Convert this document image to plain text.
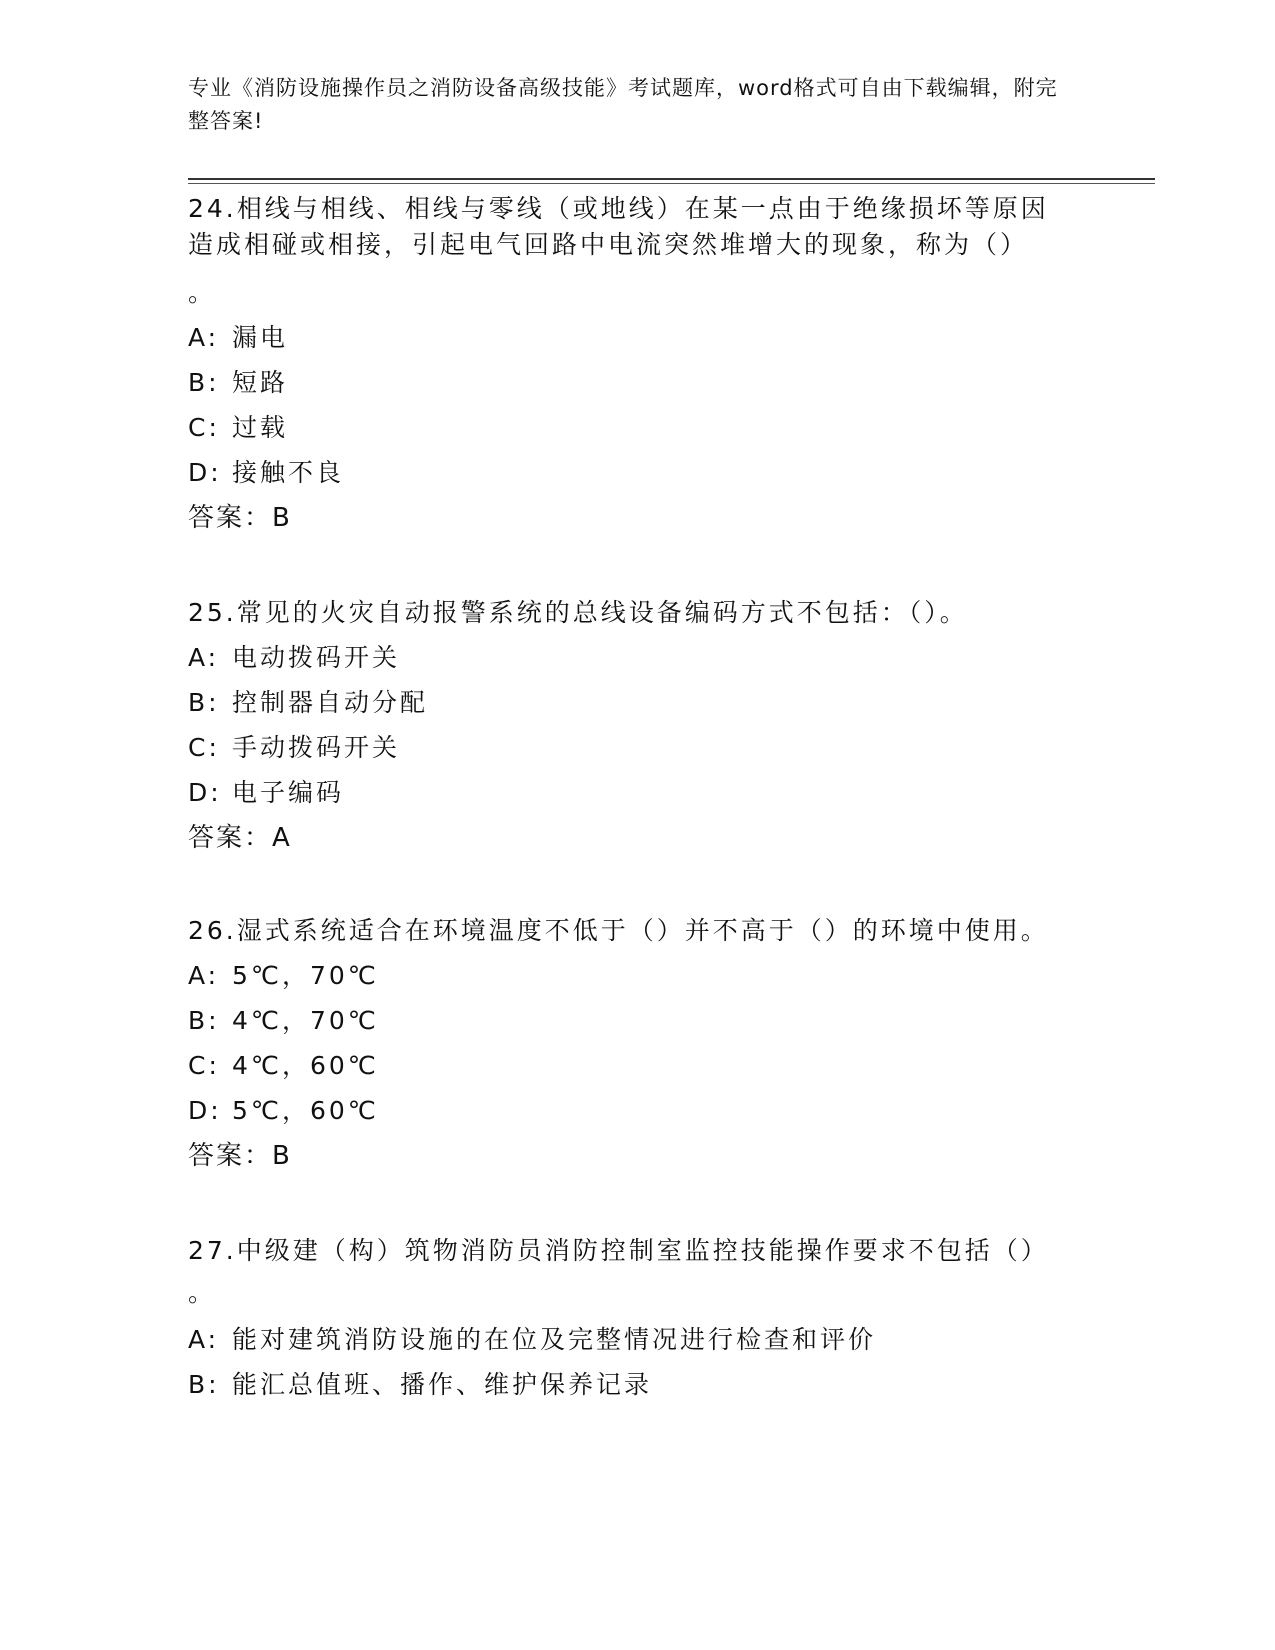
专业《消防设施操作员之消防设备高级技能》考试题库，word格式可自由下载编辑，附完整答案!
24.相线与相线、相线与零线（或地线）在某一点由于绝缘损坏等原因
造成相碰或相接，引起电气回路中电流突然堆增大的现象，称为（）
。
A: 漏电
B: 短路
C: 过载
D: 接触不良
答案：B
25.常见的火灾自动报警系统的总线设备编码方式不包括：（）。
A: 电动拨码开关
B: 控制器自动分配
C: 手动拨码开关
D: 电子编码
答案：A
26.湿式系统适合在环境温度不低于（）并不高于（）的环境中使用。
A: 5℃，70℃
B: 4℃，70℃
C: 4℃，60℃
D: 5℃，60℃
答案：B
27.中级建（构）筑物消防员消防控制室监控技能操作要求不包括（）
。
A: 能对建筑消防设施的在位及完整情况进行检查和评价
B: 能汇总值班、播作、维护保养记录
